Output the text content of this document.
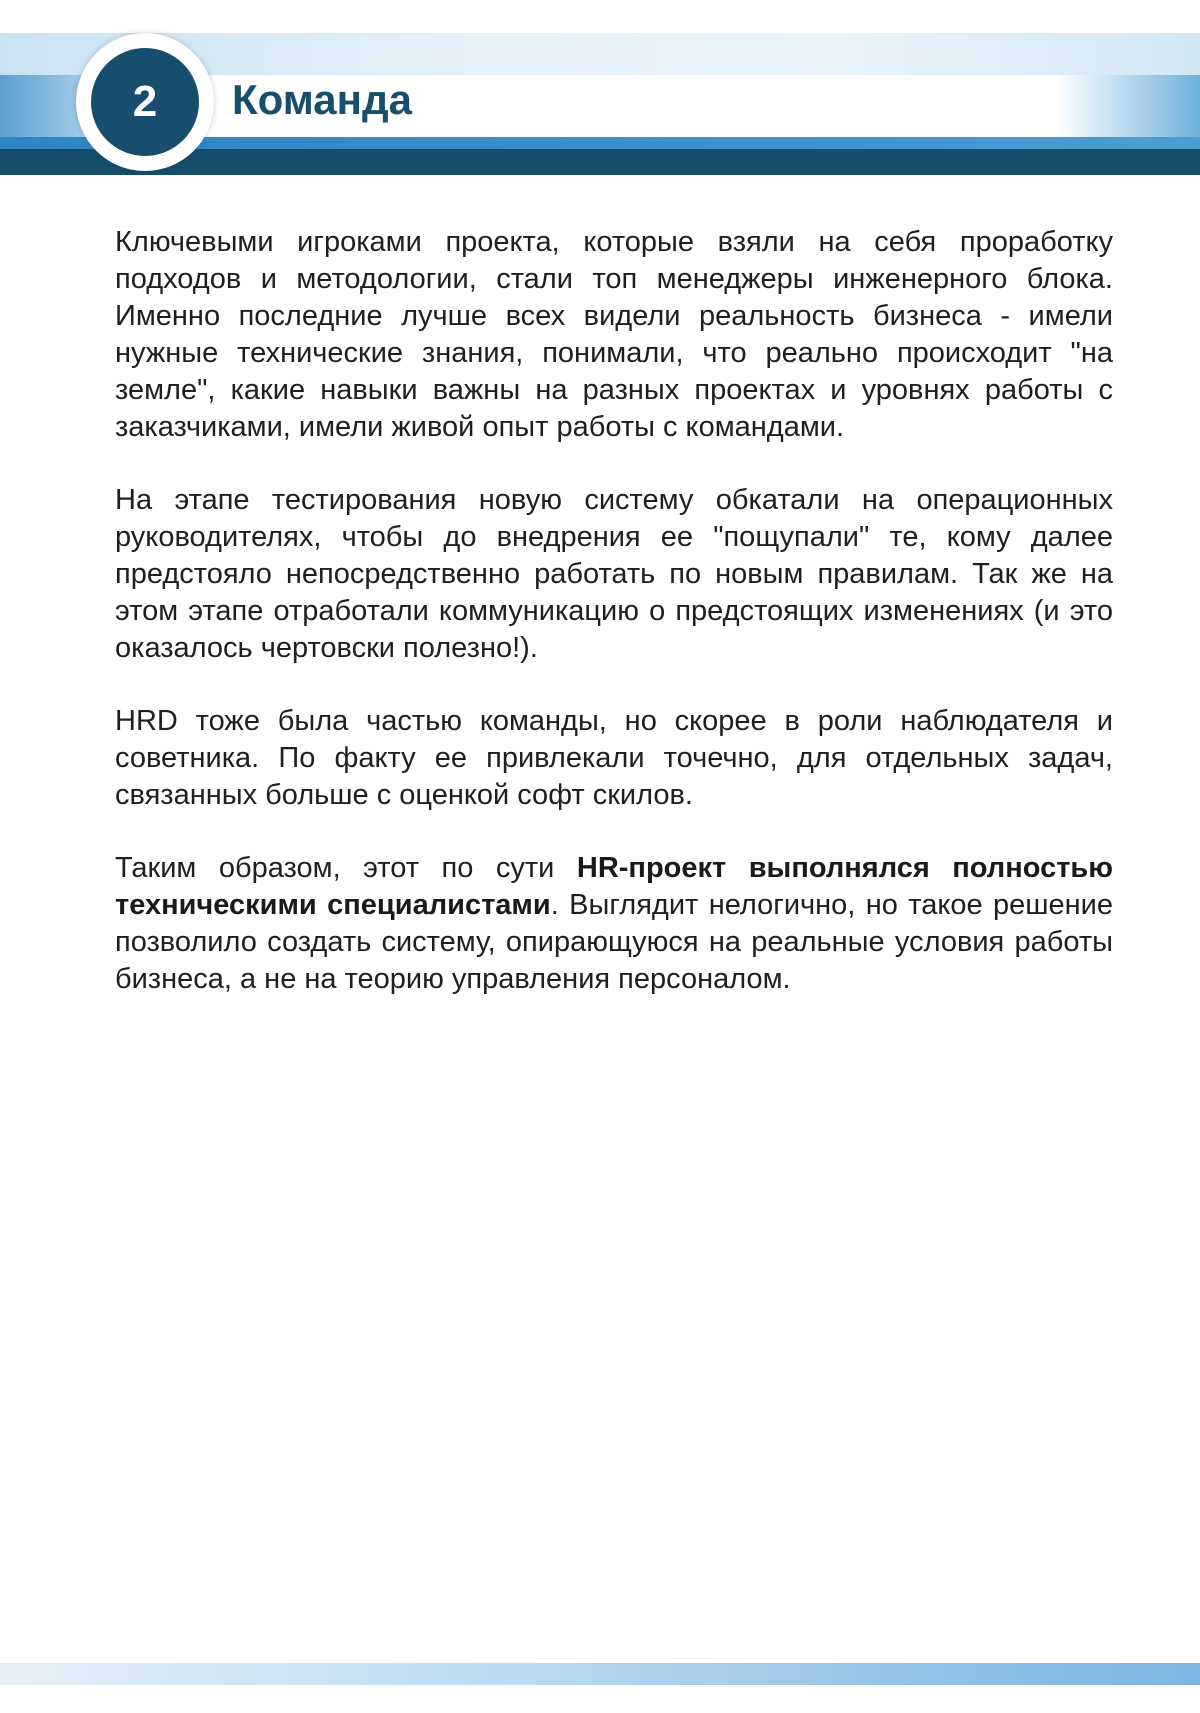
2	Команда

Ключевыми игроками проекта, которые взяли на себя проработку подходов и методологии, стали топ менеджеры инженерного блока. Именно последние лучше всех видели реальность бизнеса - имели нужные технические знания, понимали, что реально происходит "на земле", какие навыки важны на разных проектах и уровнях работы с заказчиками, имели живой опыт работы с командами.

На этапе тестирования новую систему обкатали на операционных руководителях, чтобы до внедрения ее "пощупали" те, кому далее предстояло непосредственно работать по новым правилам. Так же на этом этапе отработали коммуникацию о предстоящих изменениях (и это оказалось чертовски полезно!).

HRD тоже была частью команды, но скорее в роли наблюдателя и советника. По факту ее привлекали точечно, для отдельных задач, связанных больше с оценкой софт скилов.

Таким образом, этот по сути HR-проект выполнялся полностью техническими специалистами. Выглядит нелогично, но такое решение позволило создать систему, опирающуюся на реальные условия работы бизнеса, а не на теорию управления персоналом.
